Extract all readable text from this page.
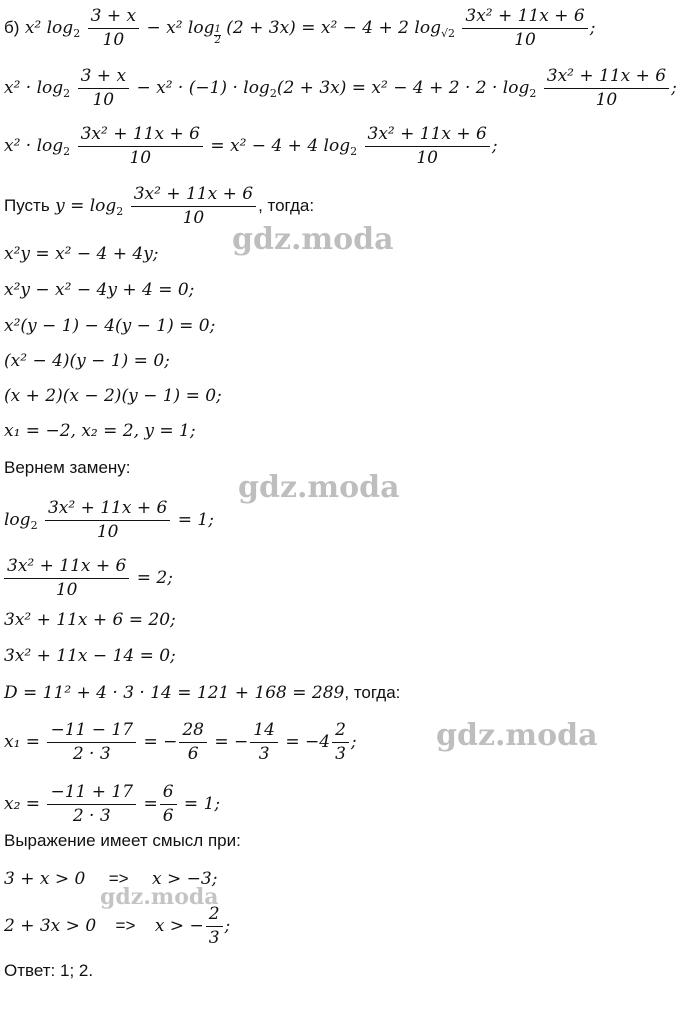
б) x² $\log_2 \frac{3 + x}{10} - x^2$ $\log \frac{1}{2} (2 + 3x) = x^2 - 4 + 2$ $\log_{√2} \frac{\text{3x² + 11x + 6}}{10}$ ;
$x^2 \cdot \log_2 \frac{3 + x}{10} - x^2 \cdot (-1) \cdot \log_2(2 + 3x) = x^2 - 4 + 2 \cdot 2 \cdot \log_2 \frac{\text{3x² + 11x + 6}}{10}$ ;
$x^2 \cdot \log_2 \frac{\text{3x² + 11x + 6}}{10} = x^2 - 4 + 4$ $\log_2 \frac{\text{3x² + 11x + 6}}{10}$ ;
Пусть $y = \log_2 \frac{\text{3x² + 11x + 6}}{10}$ , тогда:
x²y = x² − 4 + 4y;
x²y − x² − 4y + 4 = 0;
x²(y − 1) − 4(y − 1) = 0;
(x² − 4)(y − 1) = 0;
(x + 2)(x − 2)(y − 1) = 0;
x₁ = −2, x₂ = 2, y = 1;
Вернем замену:
$\log_2 \frac{\text{3x² + 11x + 6}}{10} = 1$;
$\frac{\text{3x² + 11x + 6}}{10} = 2$;
3x² + 11x + 6 = 20;
3x² + 11x − 14 = 0;
D = 11² + 4 · 3 · 14 = 121 + 168 = 289, тогда:
$x_1 = \frac{-11 - 17}{2 \cdot 3}$ = − $\frac{28}{6}$ = − $\frac{14}{3} = -4 \frac{2}{3}$ ;
$x_2 = \frac{-11 + 17}{2 \cdot 3} = \frac{6}{6} = 1$;
Выражение имеет смысл при:
3 + x > 0 => x > −3;
2 + 3x > 0 => x > − $\frac{2}{3}$ ;
Ответ: 1; 2.
gdz.moda
gdz.moda
gdz.moda
gdz.moda
